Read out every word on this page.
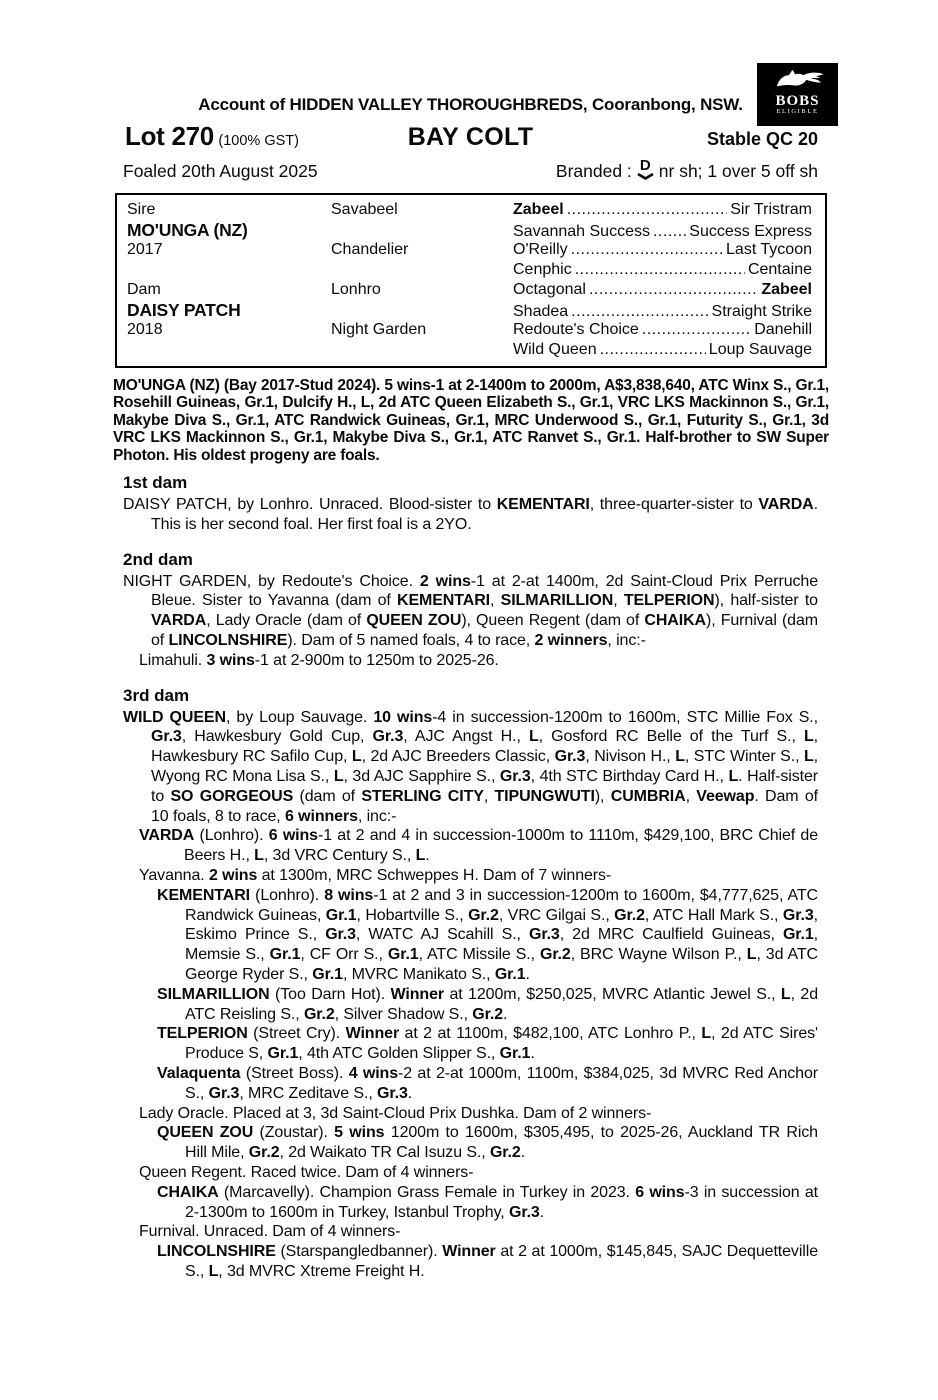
BOBS
ELIGIBLE
Account of HIDDEN VALLEY THOROUGHBREDS, Cooranbong, NSW.
Lot 270 (100% GST)	BAY COLT	Stable QC 20
Foaled 20th August 2025	Branded : D nr sh; 1 over 5 off sh
Sire	Savabeel	Zabeel .....	Sir Tristram
MO'UNGA (NZ)	Savannah Success ..... Success Express
2017	Chandelier	O'Reilly .....	Last Tycoon
Cenphic .....	Centaine
Dam	Lonhro	Octagonal .....	Zabeel
DAISY PATCH	Shadea .....	Straight Strike
2018	Night Garden	Redoute's Choice .....	Danehill
Wild Queen .....	Loup Sauvage

MO'UNGA (NZ) (Bay 2017-Stud 2024). 5 wins-1 at 2-1400m to 2000m, A$3,838,640, ATC Winx S., Gr.1, Rosehill Guineas, Gr.1, Dulcify H., L, 2d ATC Queen Elizabeth S., Gr.1, VRC LKS Mackinnon S., Gr.1, Makybe Diva S., Gr.1, ATC Randwick Guineas, Gr.1, MRC Underwood S., Gr.1, Futurity S., Gr.1, 3d VRC LKS Mackinnon S., Gr.1, Makybe Diva S., Gr.1, ATC Ranvet S., Gr.1. Half-brother to SW Super Photon. His oldest progeny are foals.

1st dam

DAISY PATCH, by Lonhro. Unraced. Blood-sister to KEMENTARI, three-quarter-sister to VARDA. This is her second foal. Her first foal is a 2YO.

2nd dam

NIGHT GARDEN, by Redoute's Choice. 2 wins-1 at 2-at 1400m, 2d Saint-Cloud Prix Perruche Bleue. Sister to Yavanna (dam of KEMENTARI, SILMARILLION, TELPERION), half-sister to VARDA, Lady Oracle (dam of QUEEN ZOU), Queen Regent (dam of CHAIKA), Furnival (dam of LINCOLNSHIRE). Dam of 5 named foals, 4 to race, 2 winners, inc:-

Limahuli. 3 wins-1 at 2-900m to 1250m to 2025-26.

3rd dam

WILD QUEEN, by Loup Sauvage. 10 wins-4 in succession-1200m to 1600m, STC Millie Fox S., Gr.3, Hawkesbury Gold Cup, Gr.3, AJC Angst H., L, Gosford RC Belle of the Turf S., L, Hawkesbury RC Safilo Cup, L, 2d AJC Breeders Classic, Gr.3, Nivison H., L, STC Winter S., L, Wyong RC Mona Lisa S., L, 3d AJC Sapphire S., Gr.3, 4th STC Birthday Card H., L. Half-sister to SO GORGEOUS (dam of STERLING CITY, TIPUNGWUTI), CUMBRIA, Veewap. Dam of 10 foals, 8 to race, 6 winners, inc:-

VARDA (Lonhro). 6 wins-1 at 2 and 4 in succession-1000m to 1110m, $429,100, BRC Chief de Beers H., L, 3d VRC Century S., L.

Yavanna. 2 wins at 1300m, MRC Schweppes H. Dam of 7 winners-

KEMENTARI (Lonhro). 8 wins-1 at 2 and 3 in succession-1200m to 1600m, $4,777,625, ATC Randwick Guineas, Gr.1, Hobartville S., Gr.2, VRC Gilgai S., Gr.2, ATC Hall Mark S., Gr.3, Eskimo Prince S., Gr.3, WATC AJ Scahill S., Gr.3, 2d MRC Caulfield Guineas, Gr.1, Memsie S., Gr.1, CF Orr S., Gr.1, ATC Missile S., Gr.2, BRC Wayne Wilson P., L, 3d ATC George Ryder S., Gr.1, MVRC Manikato S., Gr.1.

SILMARILLION (Too Darn Hot). Winner at 1200m, $250,025, MVRC Atlantic Jewel S., L, 2d ATC Reisling S., Gr.2, Silver Shadow S., Gr.2.

TELPERION (Street Cry). Winner at 2 at 1100m, $482,100, ATC Lonhro P., L, 2d ATC Sires' Produce S, Gr.1, 4th ATC Golden Slipper S., Gr.1.

Valaquenta (Street Boss). 4 wins-2 at 2-at 1000m, 1100m, $384,025, 3d MVRC Red Anchor S., Gr.3, MRC Zeditave S., Gr.3.

Lady Oracle. Placed at 3, 3d Saint-Cloud Prix Dushka. Dam of 2 winners-

QUEEN ZOU (Zoustar). 5 wins 1200m to 1600m, $305,495, to 2025-26, Auckland TR Rich Hill Mile, Gr.2, 2d Waikato TR Cal Isuzu S., Gr.2.

Queen Regent. Raced twice. Dam of 4 winners-

CHAIKA (Marcavelly). Champion Grass Female in Turkey in 2023. 6 wins-3 in succession at 2-1300m to 1600m in Turkey, Istanbul Trophy, Gr.3.

Furnival. Unraced. Dam of 4 winners-

LINCOLNSHIRE (Starspangledbanner). Winner at 2 at 1000m, $145,845, SAJC Dequetteville S., L, 3d MVRC Xtreme Freight H.
